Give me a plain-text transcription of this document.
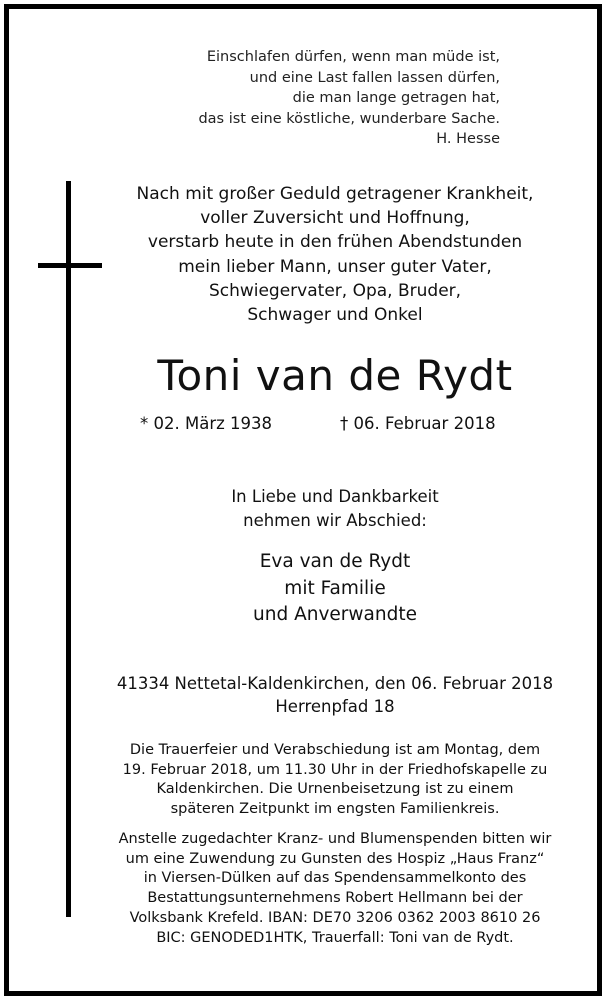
Einschlafen dürfen, wenn man müde ist,
und eine Last fallen lassen dürfen,
die man lange getragen hat,
das ist eine köstliche, wunderbare Sache.
H. Hesse
Nach mit großer Geduld getragener Krankheit,
voller Zuversicht und Hoffnung,
verstarb heute in den frühen Abendstunden
mein lieber Mann, unser guter Vater,
Schwiegervater, Opa, Bruder,
Schwager und Onkel
Toni van de Rydt
* 02. März 1938	† 06. Februar 2018
In Liebe und Dankbarkeit
nehmen wir Abschied:
Eva van de Rydt
mit Familie
und Anverwandte
41334 Nettetal-Kaldenkirchen, den 06. Februar 2018
Herrenpfad 18
Die Trauerfeier und Verabschiedung ist am Montag, dem
19. Februar 2018, um 11.30 Uhr in der Friedhofskapelle zu
Kaldenkirchen. Die Urnenbeisetzung ist zu einem
späteren Zeitpunkt im engsten Familienkreis.
Anstelle zugedachter Kranz- und Blumenspenden bitten wir
um eine Zuwendung zu Gunsten des Hospiz „Haus Franz“
in Viersen-Dülken auf das Spendensammelkonto des
Bestattungsunternehmens Robert Hellmann bei der
Volksbank Krefeld. IBAN: DE70 3206 0362 2003 8610 26
BIC: GENODED1HTK, Trauerfall: Toni van de Rydt.
